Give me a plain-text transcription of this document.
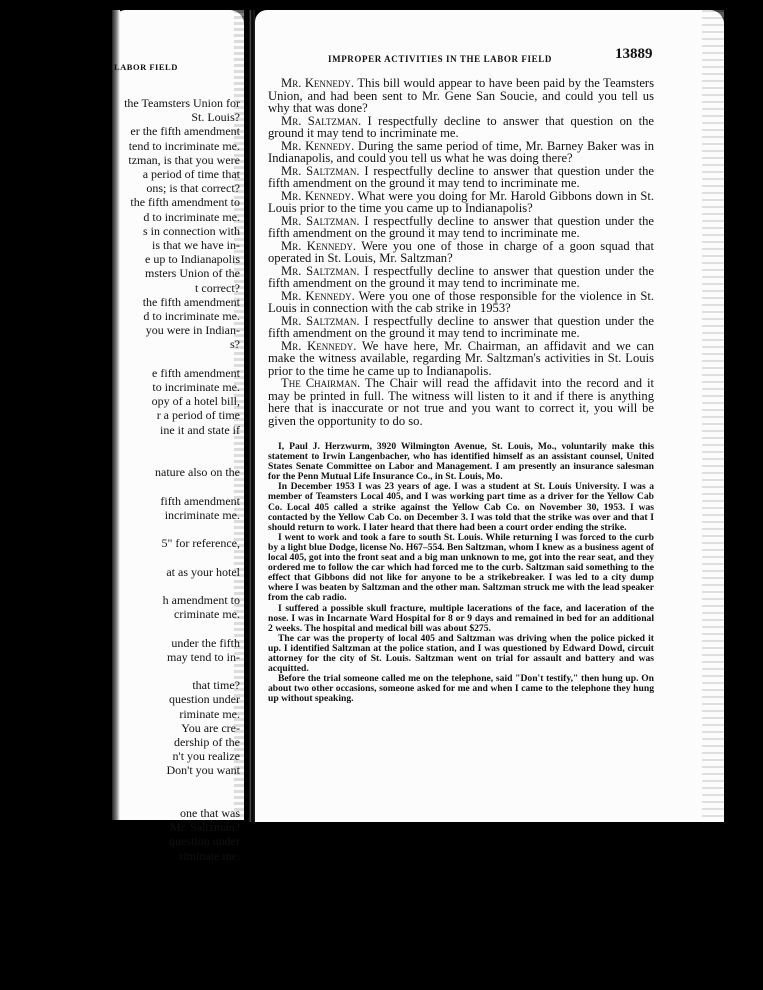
LABOR FIELD
the Teamsters Union for
St. Louis?
er the fifth amendment
tend to incriminate me.
tzman, is that you were
a period of time that
ons; is that correct?
the fifth amendment to
d to incriminate me.
s in connection with
is that we have in-
e up to Indianapolis
msters Union of the
t correct?
the fifth amendment
d to incriminate me.
you were in Indian-
s?
e fifth amendment
to incriminate me.
opy of a hotel bill,
r a period of time
ine it and state if
nature also on the
fifth amendment
incriminate me.
5" for reference,
at as your hotel
h amendment to
criminate me.
under the fifth
may tend to in-
that time?
question under
riminate me.
You are cre-
dership of the
n't you realize
Don't you want
one that was
Mr. Saltzman?
question under
riminate me.
IMPROPER ACTIVITIES IN THE LABOR FIELD	13889

Mr. Kennedy. This bill would appear to have been paid by the Teamsters Union, and had been sent to Mr. Gene San Soucie, and could you tell us why that was done?

Mr. Saltzman. I respectfully decline to answer that question on the ground it may tend to incriminate me.

Mr. Kennedy. During the same period of time, Mr. Barney Baker was in Indianapolis, and could you tell us what he was doing there?

Mr. Saltzman. I respectfully decline to answer that question under the fifth amendment on the ground it may tend to incriminate me.

Mr. Kennedy. What were you doing for Mr. Harold Gibbons down in St. Louis prior to the time you came up to Indianapolis?

Mr. Saltzman. I respectfully decline to answer that question under the fifth amendment on the ground it may tend to incriminate me.

Mr. Kennedy. Were you one of those in charge of a goon squad that operated in St. Louis, Mr. Saltzman?

Mr. Saltzman. I respectfully decline to answer that question under the fifth amendment on the ground it may tend to incriminate me.

Mr. Kennedy. Were you one of those responsible for the violence in St. Louis in connection with the cab strike in 1953?

Mr. Saltzman. I respectfully decline to answer that question under the fifth amendment on the ground it may tend to incriminate me.

Mr. Kennedy. We have here, Mr. Chairman, an affidavit and we can make the witness available, regarding Mr. Saltzman's activities in St. Louis prior to the time he came up to Indianapolis.

The Chairman. The Chair will read the affidavit into the record and it may be printed in full. The witness will listen to it and if there is anything here that is inaccurate or not true and you want to correct it, you will be given the opportunity to do so.

I, Paul J. Herzwurm, 3920 Wilmington Avenue, St. Louis, Mo., voluntarily make this statement to Irwin Langenbacher, who has identified himself as an assistant counsel, United States Senate Committee on Labor and Management. I am presently an insurance salesman for the Penn Mutual Life Insurance Co., in St. Louis, Mo.

In December 1953 I was 23 years of age. I was a student at St. Louis University. I was a member of Teamsters Local 405, and I was working part time as a driver for the Yellow Cab Co. Local 405 called a strike against the Yellow Cab Co. on November 30, 1953. I was contacted by the Yellow Cab Co. on December 3. I was told that the strike was over and that I should return to work. I later heard that there had been a court order ending the strike.

I went to work and took a fare to south St. Louis. While returning I was forced to the curb by a light blue Dodge, license No. H67–554. Ben Saltzman, whom I knew as a business agent of local 405, got into the front seat and a big man unknown to me, got into the rear seat, and they ordered me to follow the car which had forced me to the curb. Saltzman said something to the effect that Gibbons did not like for anyone to be a strikebreaker. I was led to a city dump where I was beaten by Saltzman and the other man. Saltzman struck me with the lead speaker from the cab radio.

I suffered a possible skull fracture, multiple lacerations of the face, and laceration of the nose. I was in Incarnate Ward Hospital for 8 or 9 days and remained in bed for an additional 2 weeks. The hospital and medical bill was about $275.

The car was the property of local 405 and Saltzman was driving when the police picked it up. I identified Saltzman at the police station, and I was questioned by Edward Dowd, circuit attorney for the city of St. Louis. Saltzman went on trial for assault and battery and was acquitted.

Before the trial someone called me on the telephone, said "Don't testify," then hung up. On about two other occasions, someone asked for me and when I came to the telephone they hung up without speaking.
